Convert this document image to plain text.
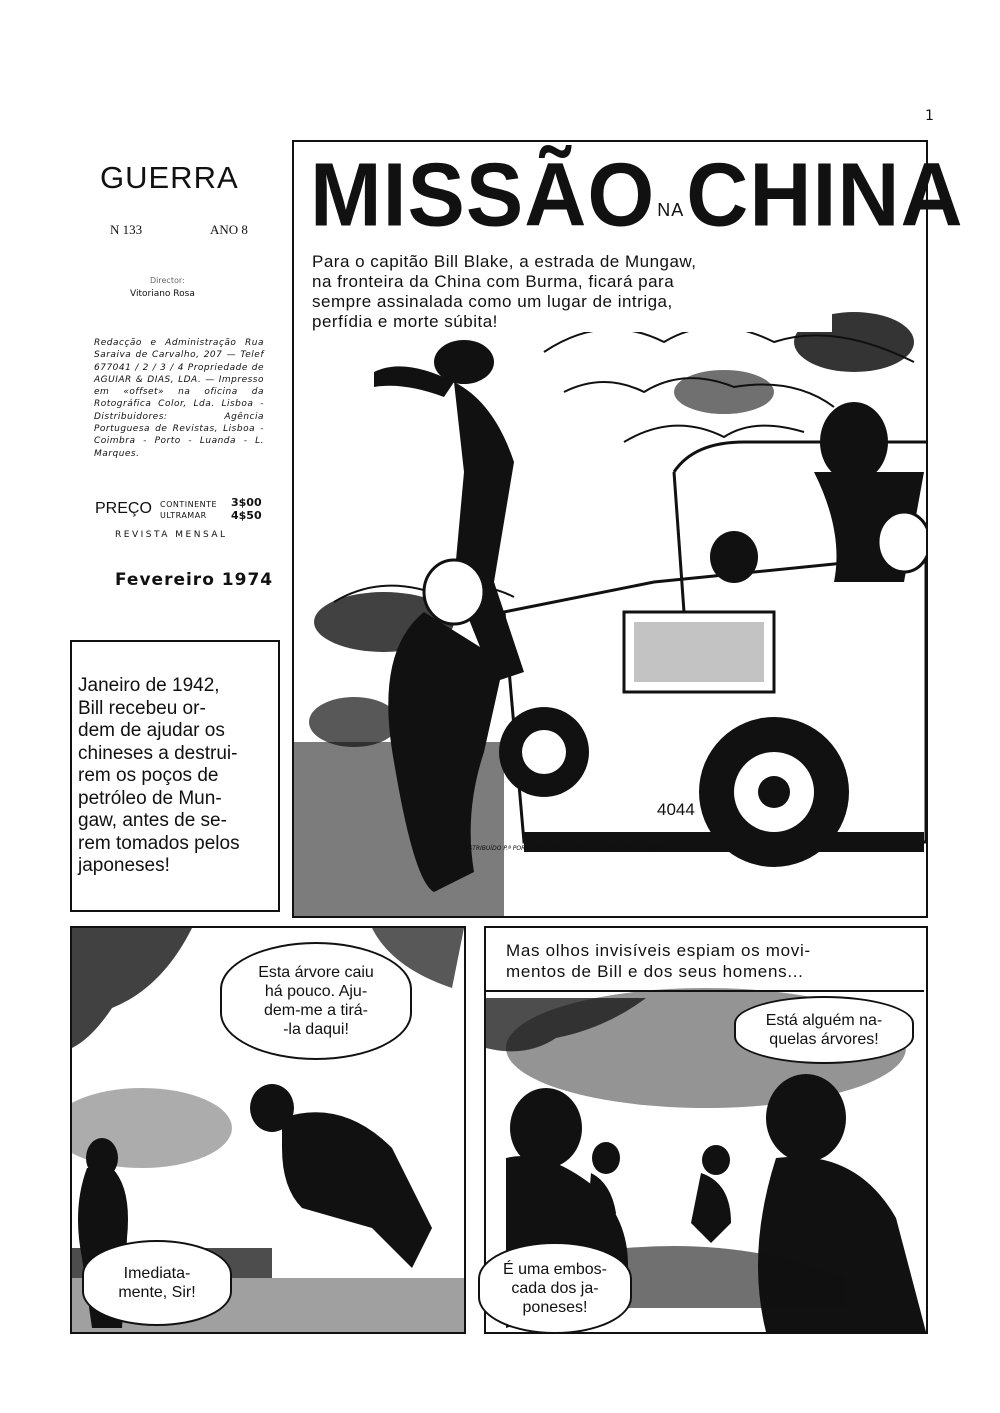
1
GUERRA
N 133	ANO 8
Director:
Vitoriano Rosa
Redacção e Administração Rua Saraiva de Carvalho, 207 — Telef 677041 / 2 / 3 / 4 Propriedade de AGUIAR & DIAS, LDA. — Impresso em «offset» na oficina da Rotográfica Color, Lda. Lisboa - Distribuidores: Agência Portuguesa de Revistas, Lisboa - Coimbra - Porto - Luanda - L. Marques.
PREÇO CONTINENTE
ULTRAMAR
3$00
4$50
REVISTA MENSAL
Fevereiro 1974
Janeiro de 1942,
Bill recebeu or-
dem de ajudar os
chineses a destrui-
rem os poços de
petróleo de Mun-
gaw, antes de se-
rem tomados pelos
japoneses!
MISSÃO $^{NA}$CHINA
Para o capitão Bill Blake, a estrada de Mungaw,
na fronteira da China com Burma, ficará para
sempre assinalada como um lugar de intriga,
perfídia e morte súbita!
4044
DISTRIBUÍDO P.ª PORTUGAL POR AGÊNCIA DIAS DA SILVA — LISBOA
Esta árvore caiu
há pouco. Aju-
dem-me a tirá-
-la daqui!
Imediata-
mente, Sir!
Mas olhos invisíveis espiam os movi-
mentos de Bill e dos seus homens...
Está alguém na-
quelas árvores!
É uma embos-
cada dos ja-
poneses!
